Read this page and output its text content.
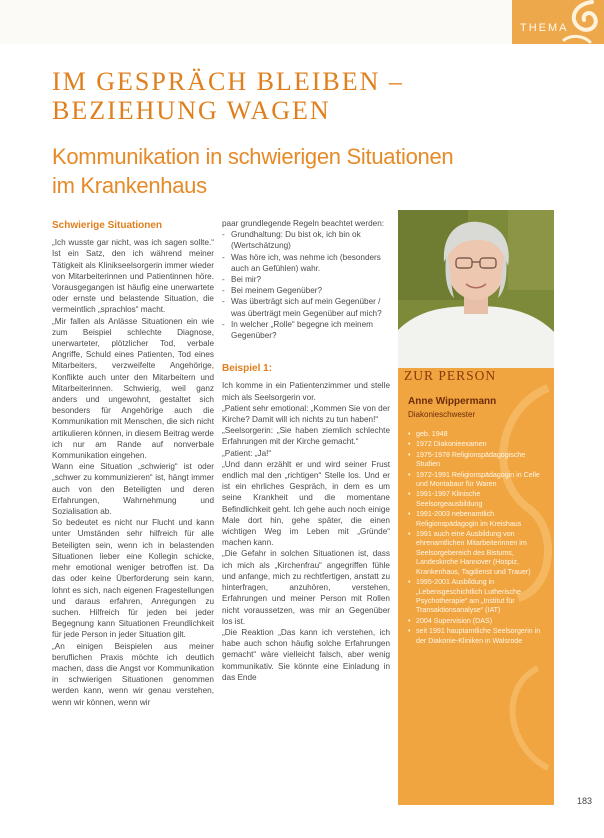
THEMA
IM GESPRÄCH BLEIBEN –
BEZIEHUNG WAGEN
Kommunikation in schwierigen Situationen
im Krankenhaus
Schwierige Situationen

„Ich wusste gar nicht, was ich sagen sollte.“ Ist ein Satz, den ich während meiner Tätigkeit als Klinikseelsorgerin immer wieder von Mitarbeiterinnen und Patientinnen höre. Vorausgegangen ist häufig eine unerwartete oder ernste und belastende Situation, die vermeintlich „sprachlos“ macht.

„Mir fallen als Anlässe Situationen ein wie zum Beispiel schlechte Diagnose, unerwarteter, plötzlicher Tod, verbale Angriffe, Schuld eines Patienten, Tod eines Mitarbeiters, verzweifelte Angehörige, Konflikte auch unter den Mitarbeitern und Mitarbeiterinnen. Schwierig, weil ganz anders und ungewohnt, gestaltet sich besonders für Angehörige auch die Kommunikation mit Menschen, die sich nicht artikulieren können, in diesem Beitrag werde ich nur am Rande auf nonverbale Kommunikation eingehen.

Wann eine Situation „schwierig“ ist oder „schwer zu kommunizieren“ ist, hängt immer auch von den Beteiligten und deren Erfahrungen, Wahrnehmung und Sozialisation ab.

So bedeutet es nicht nur Flucht und kann unter Umständen sehr hilfreich für alle Beteiligten sein, wenn ich in belastenden Situationen lieber eine Kollegin schicke, mehr emotional weniger betroffen ist. Da das oder keine Überforderung sein kann, lohnt es sich, nach eigenen Fragestellungen und daraus erfahren, Anregungen zu suchen. Hilfreich für jeden bei jeder Begegnung kann Situationen Freundlichkeit für jede Person in jeder Situation gilt.

„An einigen Beispielen aus meiner beruflichen Praxis möchte ich deutlich machen, dass die Angst vor Kommunikation in schwierigen Situationen genommen werden kann, wenn wir genau verstehen, wenn wir können, wenn wir

paar grundlegende Regeln beachtet werden:

- Grundhaltung: Du bist ok, ich bin ok (Wertschätzung)
- Was höre ich, was nehme ich (besonders auch an Gefühlen) wahr.
- Bei mir?
- Bei meinem Gegenüber?
- Was überträgt sich auf mein Gegenüber / was überträgt mein Gegenüber auf mich?
- In welcher „Rolle“ begegne ich meinem Gegenüber?
Beispiel 1:

Ich komme in ein Patientenzimmer und stelle mich als Seelsorgerin vor.

„Patient sehr emotional: „Kommen Sie von der Kirche? Damit will ich nichts zu tun haben!“

„Seelsorgerin: „Sie haben ziemlich schlechte Erfahrungen mit der Kirche gemacht.“

„Patient: „Ja!“

„Und dann erzählt er und wird seiner Frust endlich mal den „richtigen“ Stelle los. Und er ist ein ehrliches Gespräch, in dem es um seine Krankheit und die momentane Befindlichkeit geht. Ich gehe auch noch einige Male dort hin, gehe später, die einen wichtigen Weg im Leben mit „Gründe“ machen kann.

„Die Gefahr in solchen Situationen ist, dass ich mich als „Kirchenfrau“ angegriffen fühle und anfange, mich zu rechtfertigen, anstatt zu hinterfragen, anzuhören, verstehen, Erfahrungen und meiner Person mit Rollen nicht voraussetzen, was mir an Gegenüber los ist.

„Die Reaktion „Das kann ich verstehen, ich habe auch schon häufig solche Erfahrungen gemacht“ wäre vielleicht falsch, aber wenig kommunikativ. Sie könnte eine Einladung in das Ende

ZUR PERSON
Anne Wippermann
Diakonieschwester
• geb. 1948
• 1972 Diakonieexamen
• 1975-1978 Religionspädagogische Studien
• 1972-1991 Religionspädagogin in Celle und Montabaur für Waren
• 1991-1997 Klinische Seelsorgeausbildung
• 1991-2003 nebenamtlich Religionspädagogin im Kreishaus
• 1991 auch eine Ausbildung von ehrenamtlichen Mitarbeiterinnen im Seelsorgebereich des Bistums, Landeskirche Hannover (Hospiz, Krankenhaus, Tagdienst und Trauer)
• 1995-2001 Ausbildung in „Lebensgeschichtlich Lutherische Psychotherapie“ am „Institut für Transaktionsanalyse“ (IAT)
• 2004 Supervision (DAS)
• seit 1991 hauptamtliche Seelsorgerin in der Diakonie-Kliniken in Walsrode
183
